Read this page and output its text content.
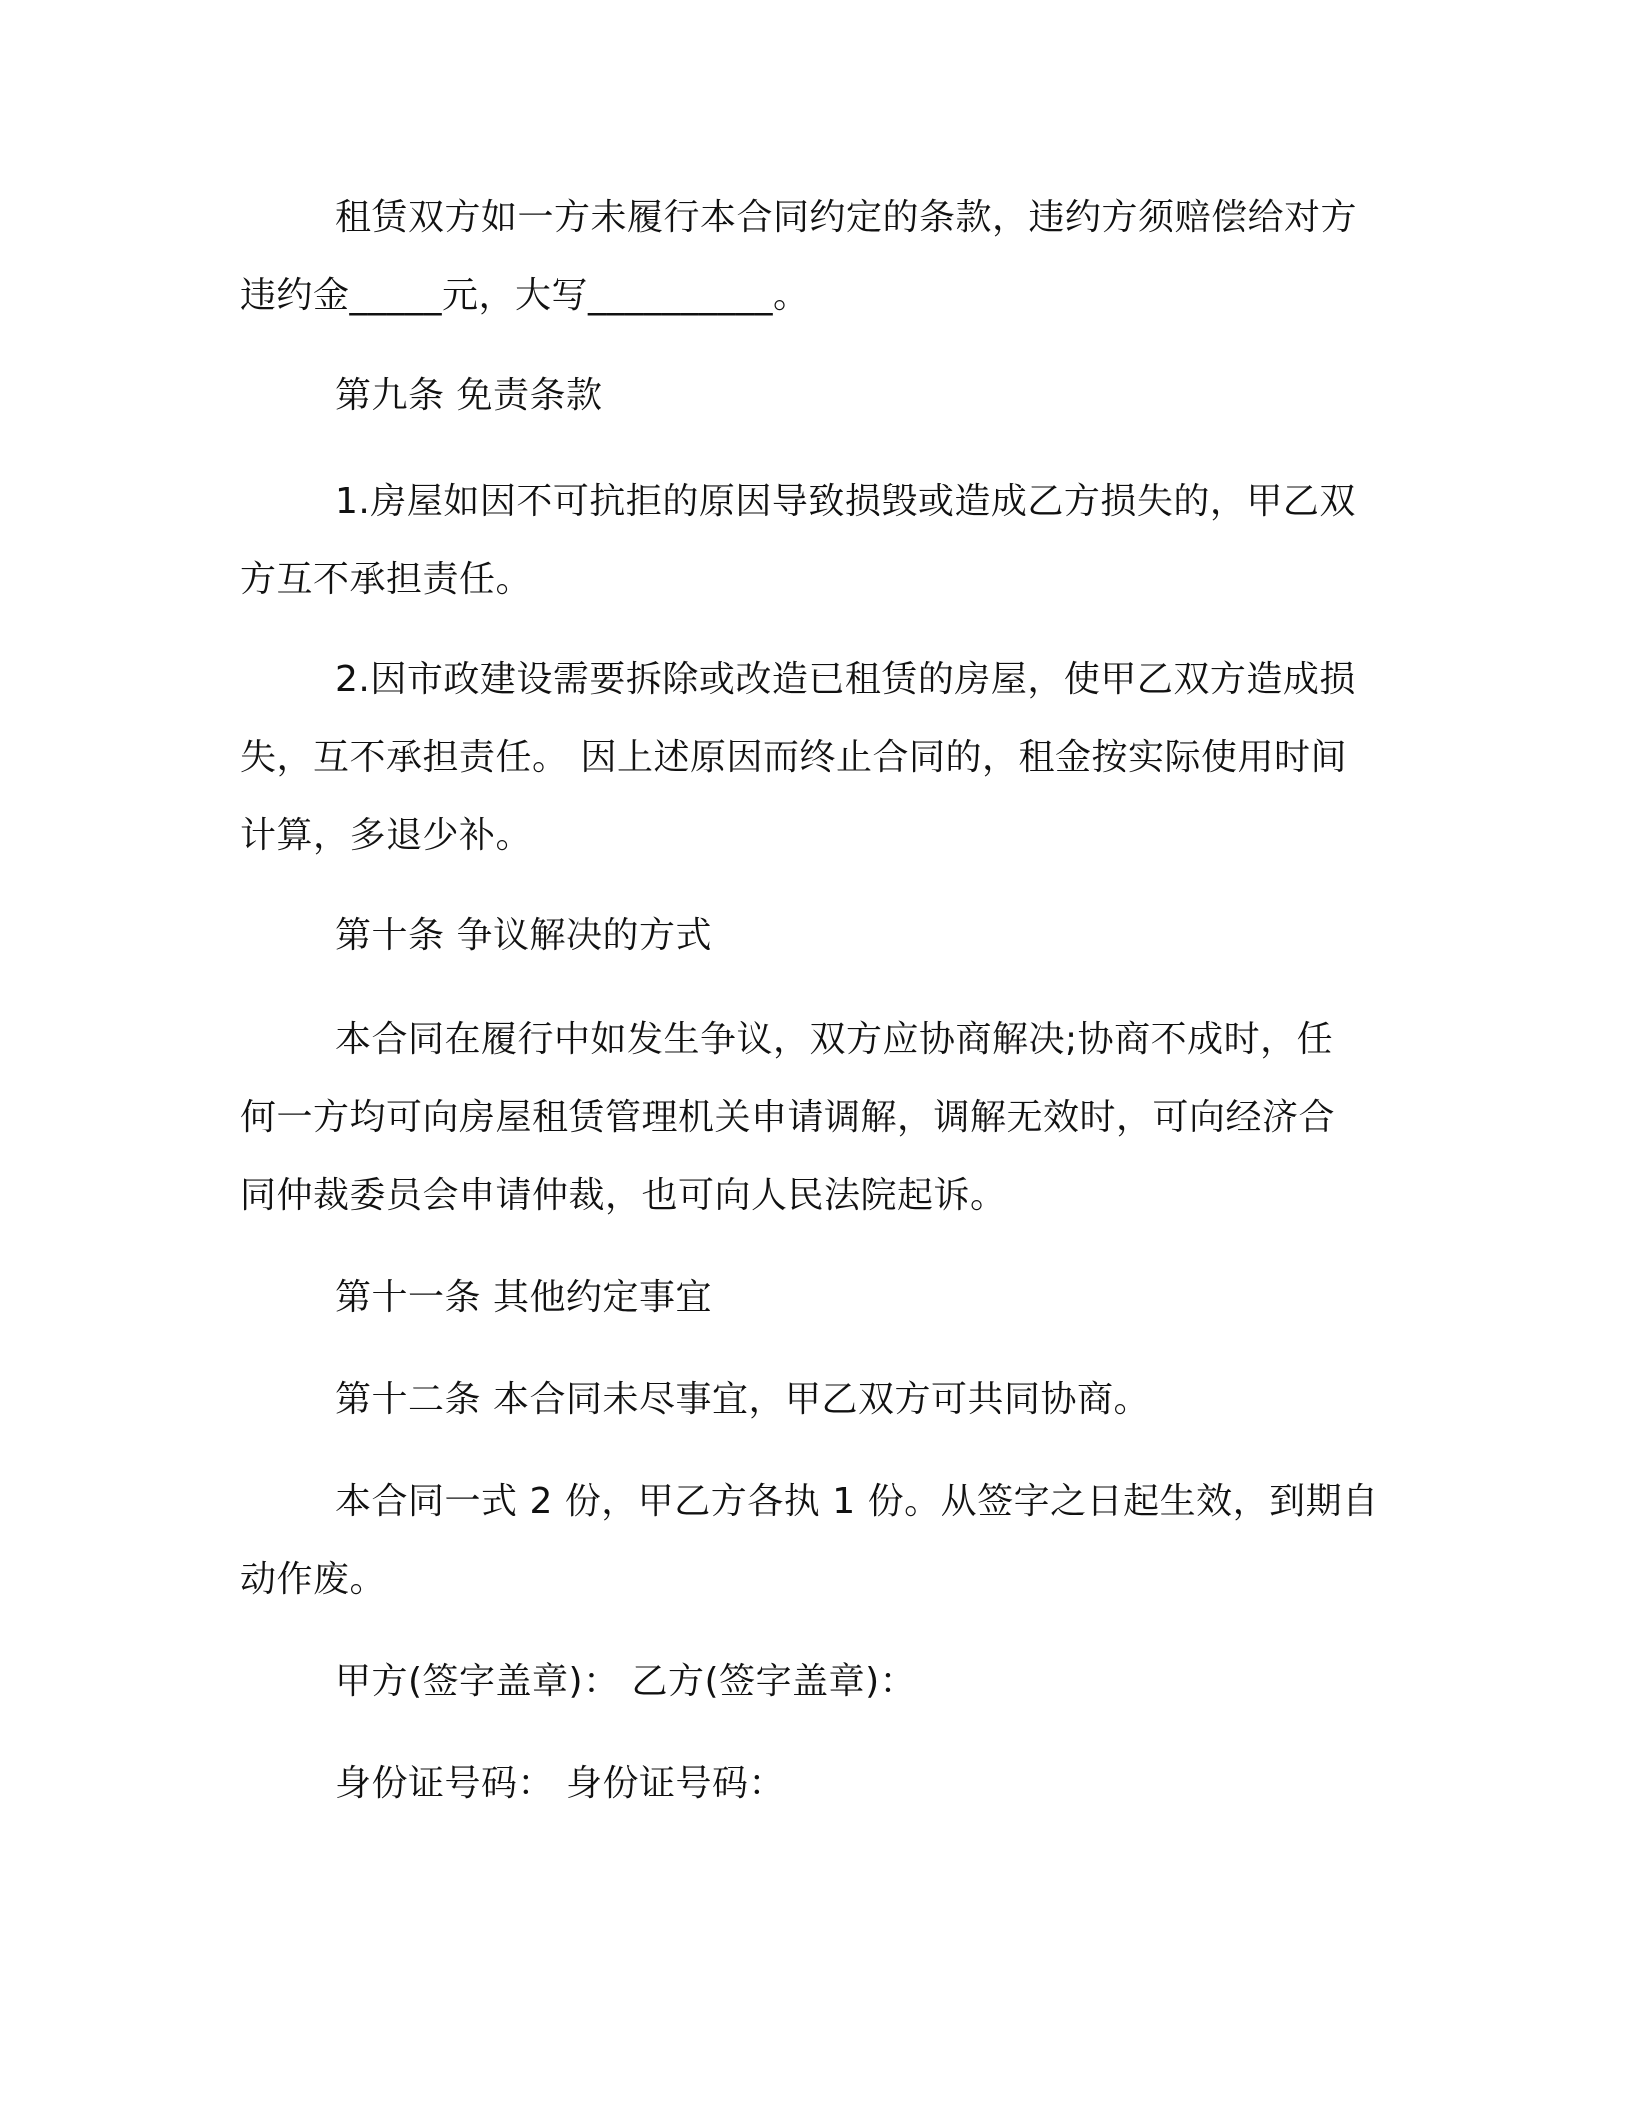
租赁双方如一方未履行本合同约定的条款，违约方须赔偿给对方

违约金_____元，大写__________。

第九条 免责条款

1.房屋如因不可抗拒的原因导致损毁或造成乙方损失的，甲乙双

方互不承担责任。

2.因市政建设需要拆除或改造已租赁的房屋，使甲乙双方造成损

失，互不承担责任。 因上述原因而终止合同的，租金按实际使用时间

计算，多退少补。

第十条 争议解决的方式

本合同在履行中如发生争议，双方应协商解决;协商不成时，任

何一方均可向房屋租赁管理机关申请调解，调解无效时，可向经济合

同仲裁委员会申请仲裁，也可向人民法院起诉。

第十一条 其他约定事宜

第十二条 本合同未尽事宜，甲乙双方可共同协商。

本合同一式 2 份，甲乙方各执 1 份。从签字之日起生效，到期自

动作废。

甲方(签字盖章)： 乙方(签字盖章)：

身份证号码： 身份证号码：
